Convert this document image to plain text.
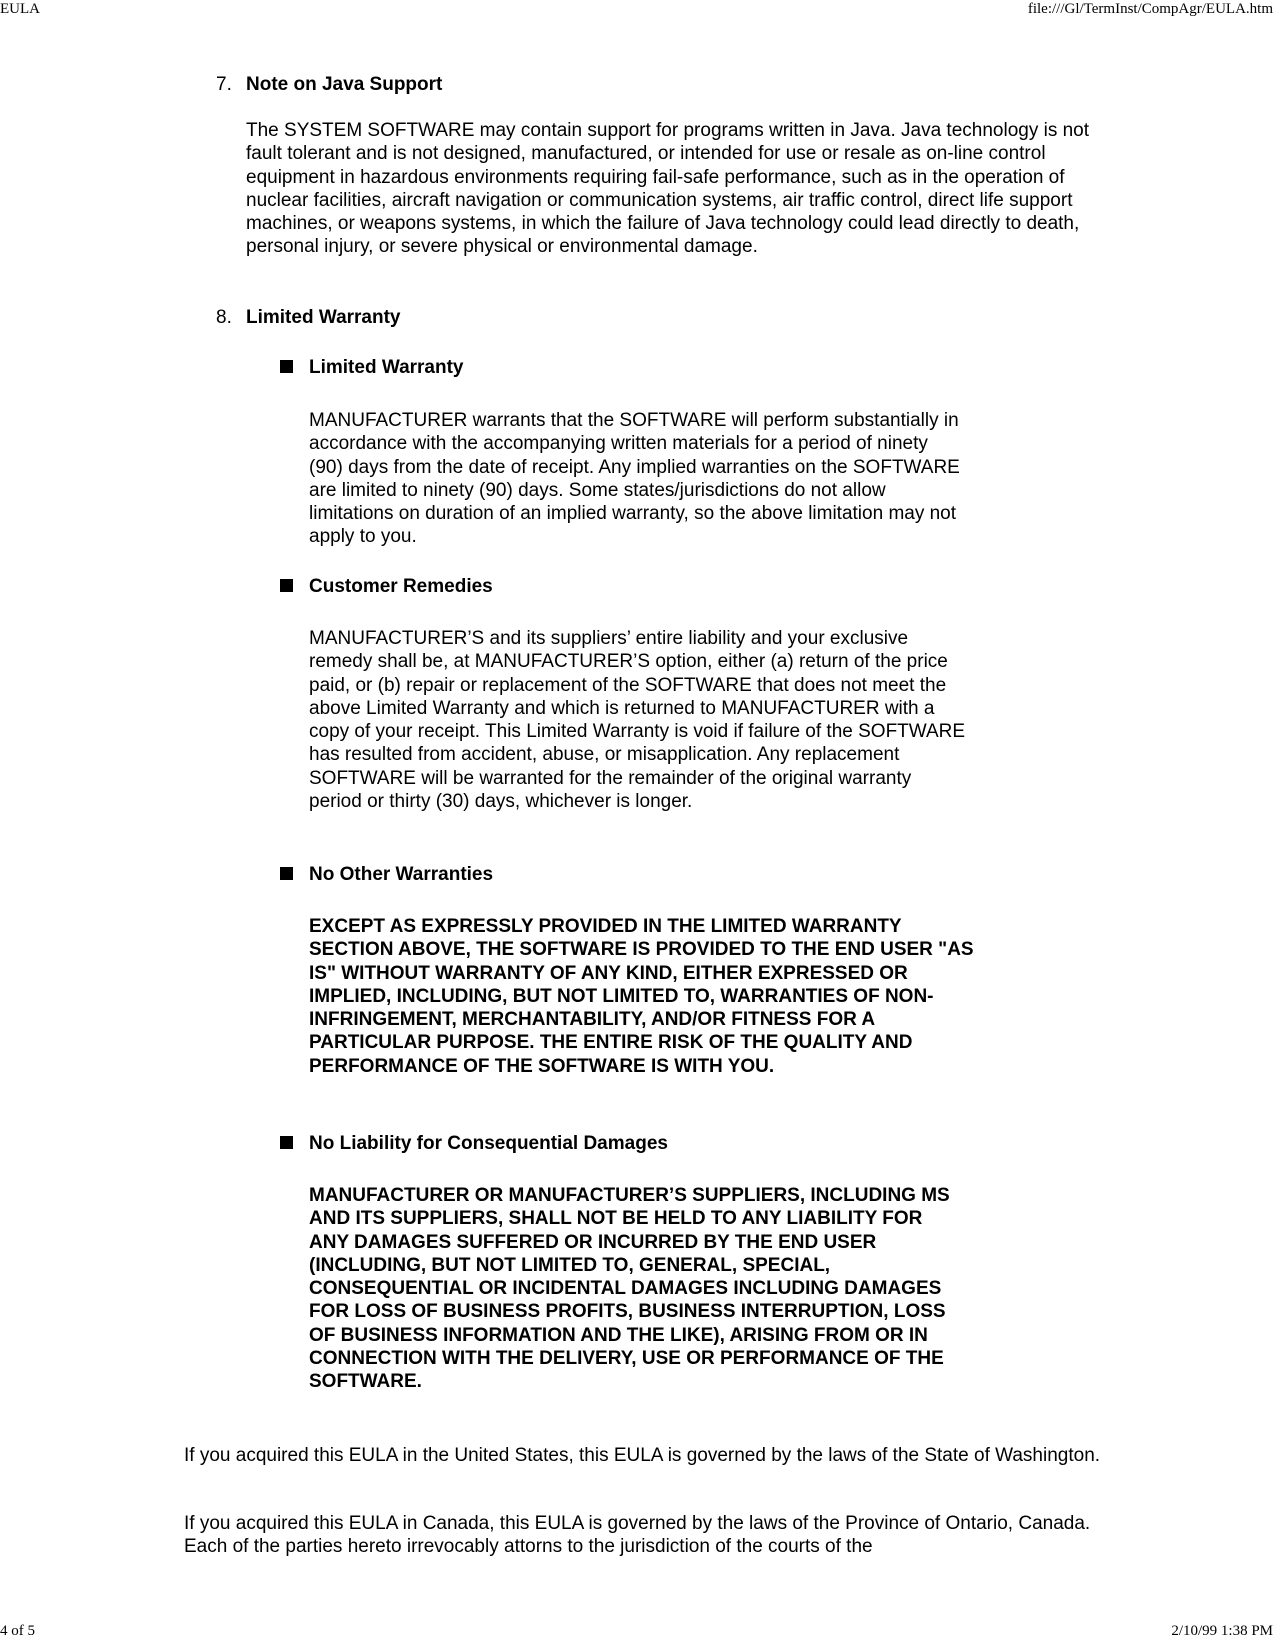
EULA	file:///Gl/TermInst/CompAgr/EULA.htm
7. Note on Java Support

The SYSTEM SOFTWARE may contain support for programs written in Java. Java technology is not fault tolerant and is not designed, manufactured, or intended for use or resale as on-line control equipment in hazardous environments requiring fail-safe performance, such as in the operation of nuclear facilities, aircraft navigation or communication systems, air traffic control, direct life support machines, or weapons systems, in which the failure of Java technology could lead directly to death, personal injury, or severe physical or environmental damage.

8. Limited Warranty
Limited Warranty

MANUFACTURER warrants that the SOFTWARE will perform substantially in accordance with the accompanying written materials for a period of ninety (90) days from the date of receipt. Any implied warranties on the SOFTWARE are limited to ninety (90) days. Some states/jurisdictions do not allow limitations on duration of an implied warranty, so the above limitation may not apply to you.

Customer Remedies

MANUFACTURER’S and its suppliers’ entire liability and your exclusive remedy shall be, at MANUFACTURER’S option, either (a) return of the price paid, or (b) repair or replacement of the SOFTWARE that does not meet the above Limited Warranty and which is returned to MANUFACTURER with a copy of your receipt. This Limited Warranty is void if failure of the SOFTWARE has resulted from accident, abuse, or misapplication. Any replacement SOFTWARE will be warranted for the remainder of the original warranty period or thirty (30) days, whichever is longer.

No Other Warranties

EXCEPT AS EXPRESSLY PROVIDED IN THE LIMITED WARRANTY SECTION ABOVE, THE SOFTWARE IS PROVIDED TO THE END USER "AS IS" WITHOUT WARRANTY OF ANY KIND, EITHER EXPRESSED OR IMPLIED, INCLUDING, BUT NOT LIMITED TO, WARRANTIES OF NON- INFRINGEMENT, MERCHANTABILITY, AND/OR FITNESS FOR A PARTICULAR PURPOSE. THE ENTIRE RISK OF THE QUALITY AND PERFORMANCE OF THE SOFTWARE IS WITH YOU.

No Liability for Consequential Damages

MANUFACTURER OR MANUFACTURER’S SUPPLIERS, INCLUDING MS AND ITS SUPPLIERS, SHALL NOT BE HELD TO ANY LIABILITY FOR ANY DAMAGES SUFFERED OR INCURRED BY THE END USER (INCLUDING, BUT NOT LIMITED TO, GENERAL, SPECIAL, CONSEQUENTIAL OR INCIDENTAL DAMAGES INCLUDING DAMAGES FOR LOSS OF BUSINESS PROFITS, BUSINESS INTERRUPTION, LOSS OF BUSINESS INFORMATION AND THE LIKE), ARISING FROM OR IN CONNECTION WITH THE DELIVERY, USE OR PERFORMANCE OF THE SOFTWARE.

If you acquired this EULA in the United States, this EULA is governed by the laws of the State of Washington.

If you acquired this EULA in Canada, this EULA is governed by the laws of the Province of Ontario, Canada. Each of the parties hereto irrevocably attorns to the jurisdiction of the courts of the

4 of 5	2/10/99 1:38 PM
